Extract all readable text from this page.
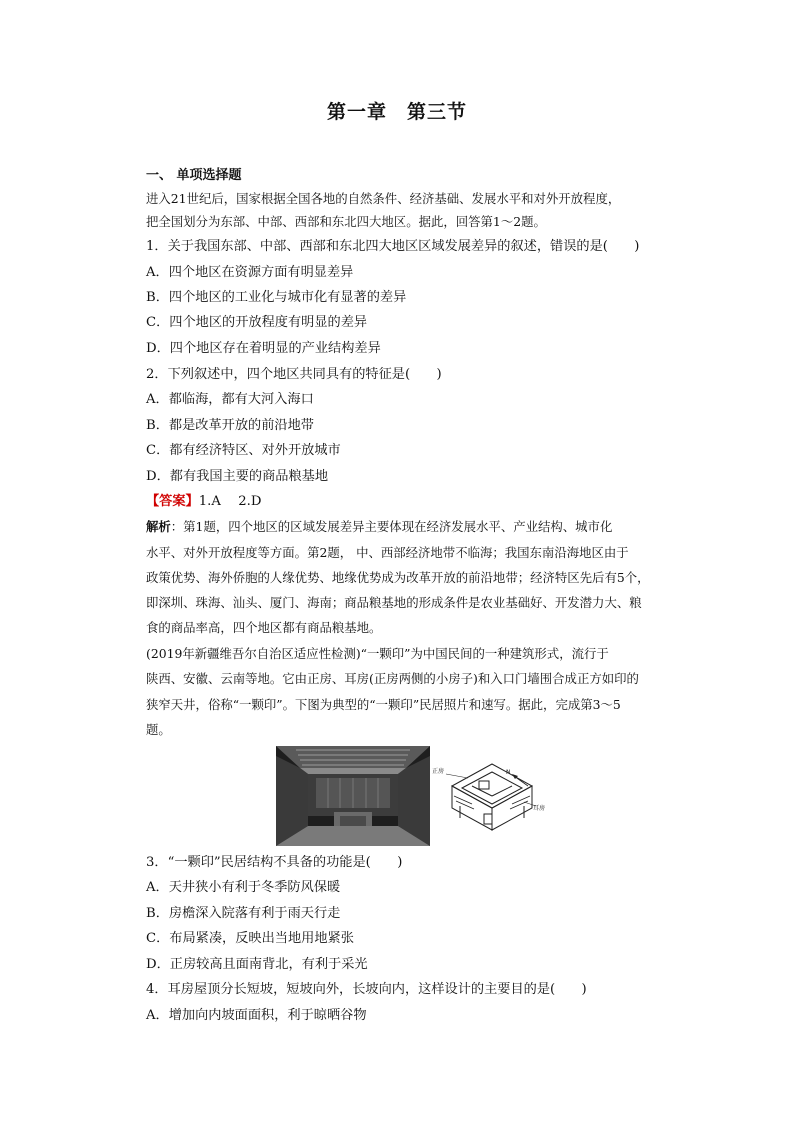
第一章　第三节
一、 单项选择题
进入21世纪后，国家根据全国各地的自然条件、经济基础、发展水平和对外开放程度，
把全国划分为东部、中部、西部和东北四大地区。据此，回答第1～2题。
1．关于我国东部、中部、西部和东北四大地区区域发展差异的叙述，错误的是(　　)
A．四个地区在资源方面有明显差异
B．四个地区的工业化与城市化有显著的差异
C．四个地区的开放程度有明显的差异
D．四个地区存在着明显的产业结构差异
2．下列叙述中，四个地区共同具有的特征是(　　)
A．都临海，都有大河入海口
B．都是改革开放的前沿地带
C．都有经济特区、对外开放城市
D．都有我国主要的商品粮基地
【答案】1.A　 2.D
解析：第1题，四个地区的区域发展差异主要体现在经济发展水平、产业结构、城市化
水平、对外开放程度等方面。第2题， 中、西部经济地带不临海；我国东南沿海地区由于
政策优势、海外侨胞的人缘优势、地缘优势成为改革开放的前沿地带；经济特区先后有5个，
即深圳、珠海、汕头、厦门、海南；商品粮基地的形成条件是农业基础好、开发潜力大、粮
食的商品率高，四个地区都有商品粮基地。
(2019年新疆维吾尔自治区适应性检测)“一颗印”为中国民间的一种建筑形式，流行于
陕西、安徽、云南等地。它由正房、耳房(正房两侧的小房子)和入口门墙围合成正方如印的
狭窄天井，俗称“一颗印”。下图为典型的“一颗印”民居照片和速写。据此，完成第3～5
题。
正房
耳房
N
3．“一颗印”民居结构不具备的功能是(　　)
A．天井狭小有利于冬季防风保暖
B．房檐深入院落有利于雨天行走
C．布局紧凑，反映出当地用地紧张
D．正房较高且面南背北，有利于采光
4．耳房屋顶分长短坡，短坡向外，长坡向内，这样设计的主要目的是(　　)
A．增加向内坡面面积，利于晾晒谷物
